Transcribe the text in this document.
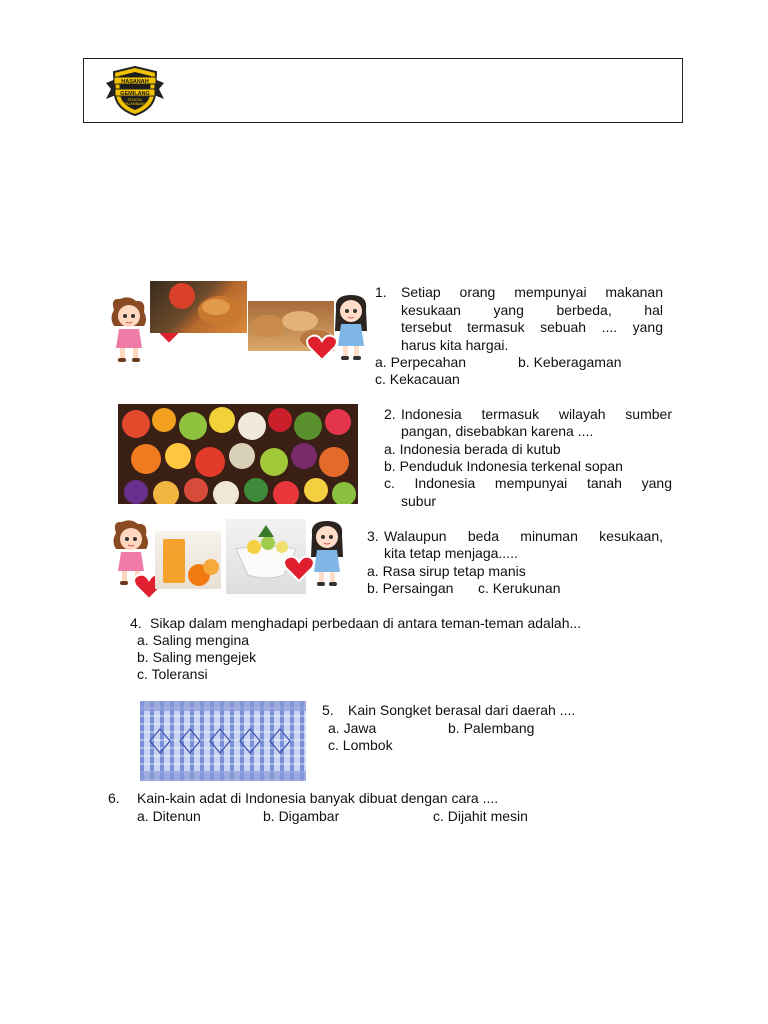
HASANAH
GEMILANG
SCHOOL
PALEMBANG
1. Setiap orang mempunyai makanan
kesukaan yang berbeda, hal
tersebut termasuk sebuah .... yang
harus kita hargai.
a. Perpecahan	b. Keberagaman
c. Kekacauan
2. Indonesia termasuk wilayah sumber
pangan, disebabkan karena ....
a. Indonesia berada di kutub
b. Penduduk Indonesia terkenal sopan
c. Indonesia mempunyai tanah yang
subur
3. Walaupun beda minuman kesukaan,
kita tetap menjaga.....
a. Rasa sirup tetap manis
b. Persaingan c. Kerukunan
4. Sikap dalam menghadapi perbedaan di antara teman-teman adalah...
a. Saling mengina
b. Saling mengejek
c. Toleransi
5. Kain Songket berasal dari daerah ....
a. Jawa	b. Palembang
c. Lombok
6. Kain-kain adat di Indonesia banyak dibuat dengan cara ....
a. Ditenun	b. Digambar	c. Dijahit mesin
